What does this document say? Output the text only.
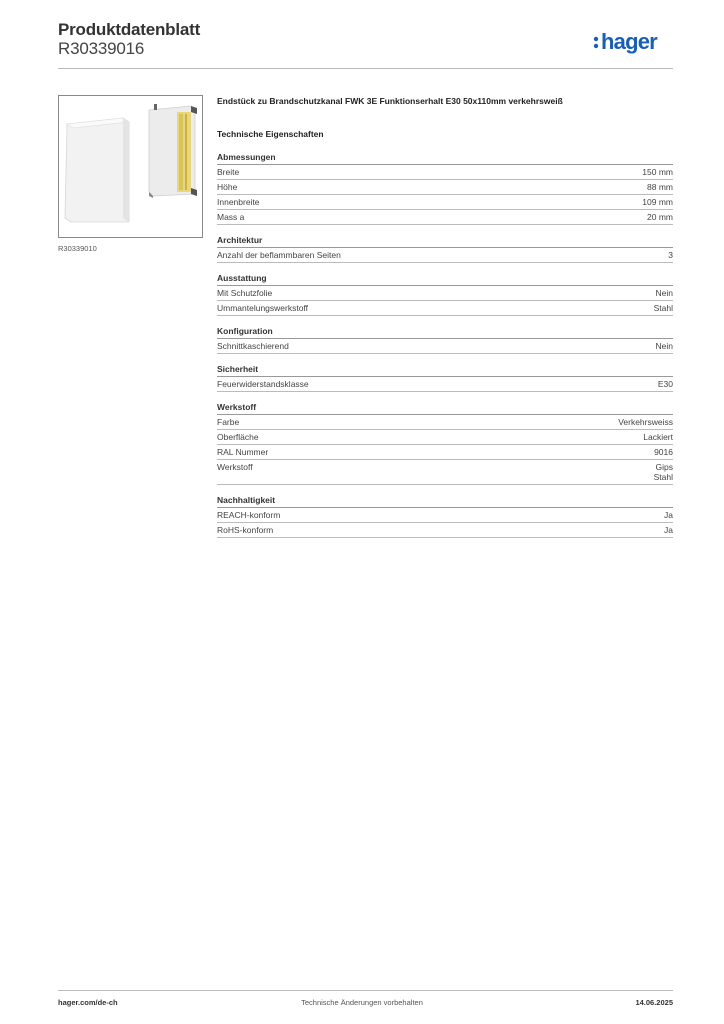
Produktdatenblatt
R30339016	hager
R30339010
Endstück zu Brandschutzkanal FWK 3E Funktionserhalt E30 50x110mm verkehrsweiß
Technische Eigenschaften
Abmessungen
Breite	150 mm
Höhe	88 mm
Innenbreite	109 mm
Mass a	20 mm
Architektur
Anzahl der beflammbaren Seiten	3
Ausstattung
Mit Schutzfolie	Nein
Ummantelungswerkstoff	Stahl
Konfiguration
Schnittkaschierend	Nein
Sicherheit
Feuerwiderstandsklasse	E30
Werkstoff
Farbe	Verkehrsweiss
Oberfläche	Lackiert
RAL Nummer	9016
Werkstoff	Gips
Stahl
Nachhaltigkeit
REACH-konform	Ja
RoHS-konform	Ja
hager.com/de-ch	Technische Änderungen vorbehalten	14.06.2025
